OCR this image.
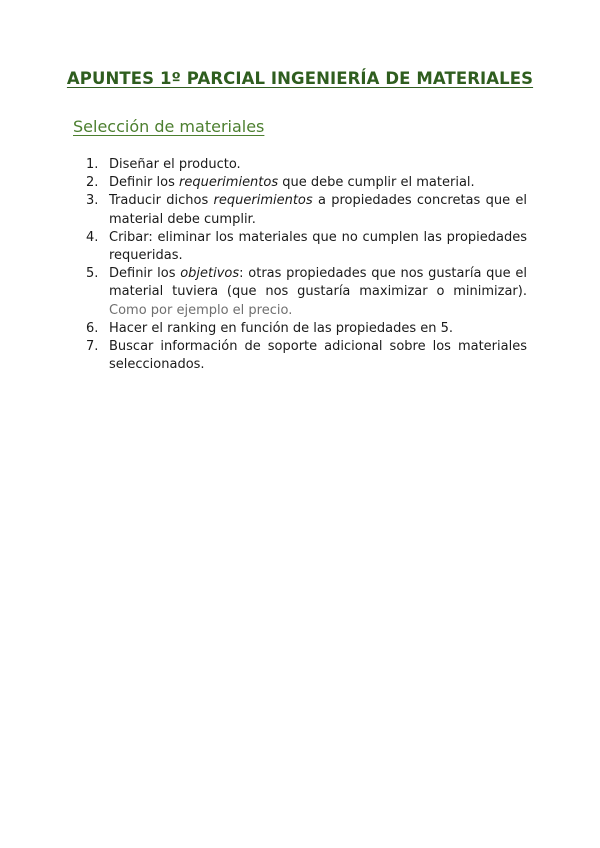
APUNTES 1º PARCIAL INGENIERÍA DE MATERIALES
Selección de materiales
1. Diseñar el producto.
2. Definir los requerimientos que debe cumplir el material.
3. Traducir dichos requerimientos a propiedades concretas que el material debe cumplir.
4. Cribar: eliminar los materiales que no cumplen las propiedades requeridas.
5. Definir los objetivos: otras propiedades que nos gustaría que el material tuviera (que nos gustaría maximizar o minimizar). Como por ejemplo el precio.
6. Hacer el ranking en función de las propiedades en 5.
7. Buscar información de soporte adicional sobre los materiales seleccionados.
